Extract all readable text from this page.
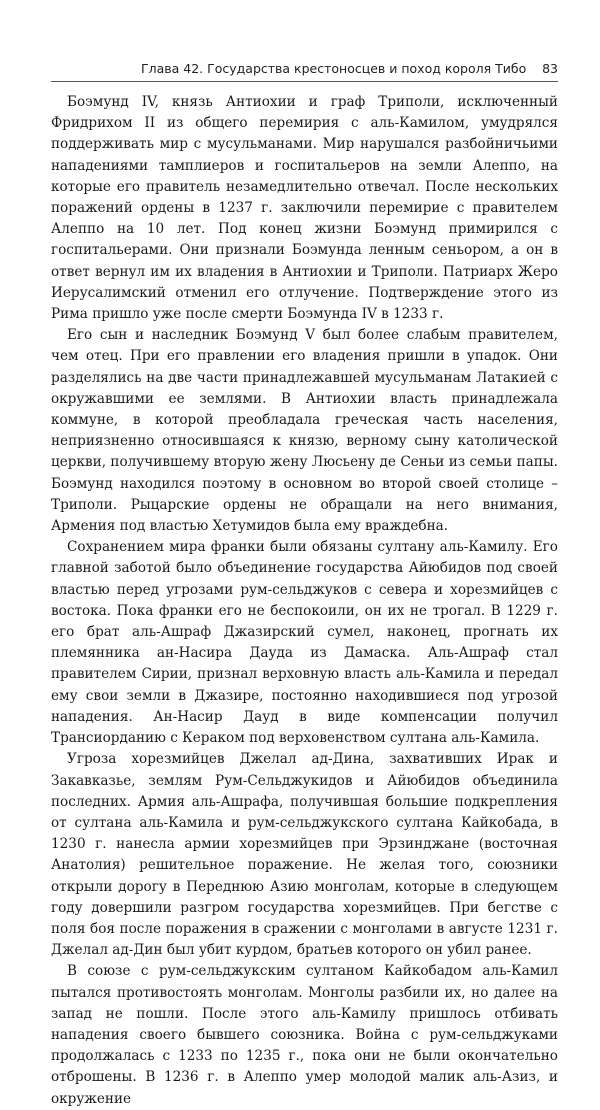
Глава 42. Государства крестоносцев и поход короля Тибо 83

Боэмунд IV, князь Антиохии и граф Триполи, исключенный Фридрихом II из общего перемирия с аль-Камилом, умудрялся поддерживать мир с мусульманами. Мир нарушался разбойничьими нападениями тамплиеров и госпитальеров на земли Алеппо, на которые его правитель незамедлительно отвечал. После нескольких поражений ордены в 1237 г. заключили перемирие с правителем Алеппо на 10 лет. Под конец жизни Боэмунд примирился с госпитальерами. Они признали Боэмунда ленным сеньором, а он в ответ вернул им их владения в Антиохии и Триполи. Патриарх Жеро Иерусалимский отменил его отлучение. Подтверждение этого из Рима пришло уже после смерти Боэмунда IV в 1233 г.

Его сын и наследник Боэмунд V был более слабым правителем, чем отец. При его правлении его владения пришли в упадок. Они разделялись на две части принадлежавшей мусульманам Латакией с окружавшими ее землями. В Антиохии власть принадлежала коммуне, в которой преобладала греческая часть населения, неприязненно относившаяся к князю, верному сыну католической церкви, получившему вторую жену Люсьену де Сеньи из семьи папы. Боэмунд находился поэтому в основном во второй своей столице – Триполи. Рыцарские ордены не обращали на него внимания, Армения под властью Хетумидов была ему враждебна.

Сохранением мира франки были обязаны султану аль-Камилу. Его главной заботой было объединение государства Айюбидов под своей властью перед угрозами рум-сельджуков с севера и хорезмийцев с востока. Пока франки его не беспокоили, он их не трогал. В 1229 г. его брат аль-Ашраф Джазирский сумел, наконец, прогнать их племянника ан-Насира Дауда из Дамаска. Аль-Ашраф стал правителем Сирии, признал верховную власть аль-Камила и передал ему свои земли в Джазире, постоянно находившиеся под угрозой нападения. Ан-Насир Дауд в виде компенсации получил Трансиорданию с Кераком под верховенством султана аль-Камила.

Угроза хорезмийцев Джелал ад-Дина, захвативших Ирак и Закавказье, землям Рум-Сельджукидов и Айюбидов объединила последних. Армия аль-Ашрафа, получившая большие подкрепления от султана аль-Камила и рум-сельджукского султана Кайкобада, в 1230 г. нанесла армии хорезмийцев при Эрзинджане (восточная Анатолия) решительное поражение. Не желая того, союзники открыли дорогу в Переднюю Азию монголам, которые в следующем году довершили разгром государства хорезмийцев. При бегстве с поля боя после поражения в сражении с монголами в августе 1231 г. Джелал ад-Дин был убит курдом, братьев которого он убил ранее.

В союзе с рум-сельджукским султаном Кайкобадом аль-Камил пытался противостоять монголам. Монголы разбили их, но далее на запад не пошли. После этого аль-Камилу пришлось отбивать нападения своего бывшего союзника. Война с рум-сельджуками продолжалась с 1233 по 1235 г., пока они не были окончательно отброшены. В 1236 г. в Алеппо умер молодой малик аль-Азиз, и окружение
